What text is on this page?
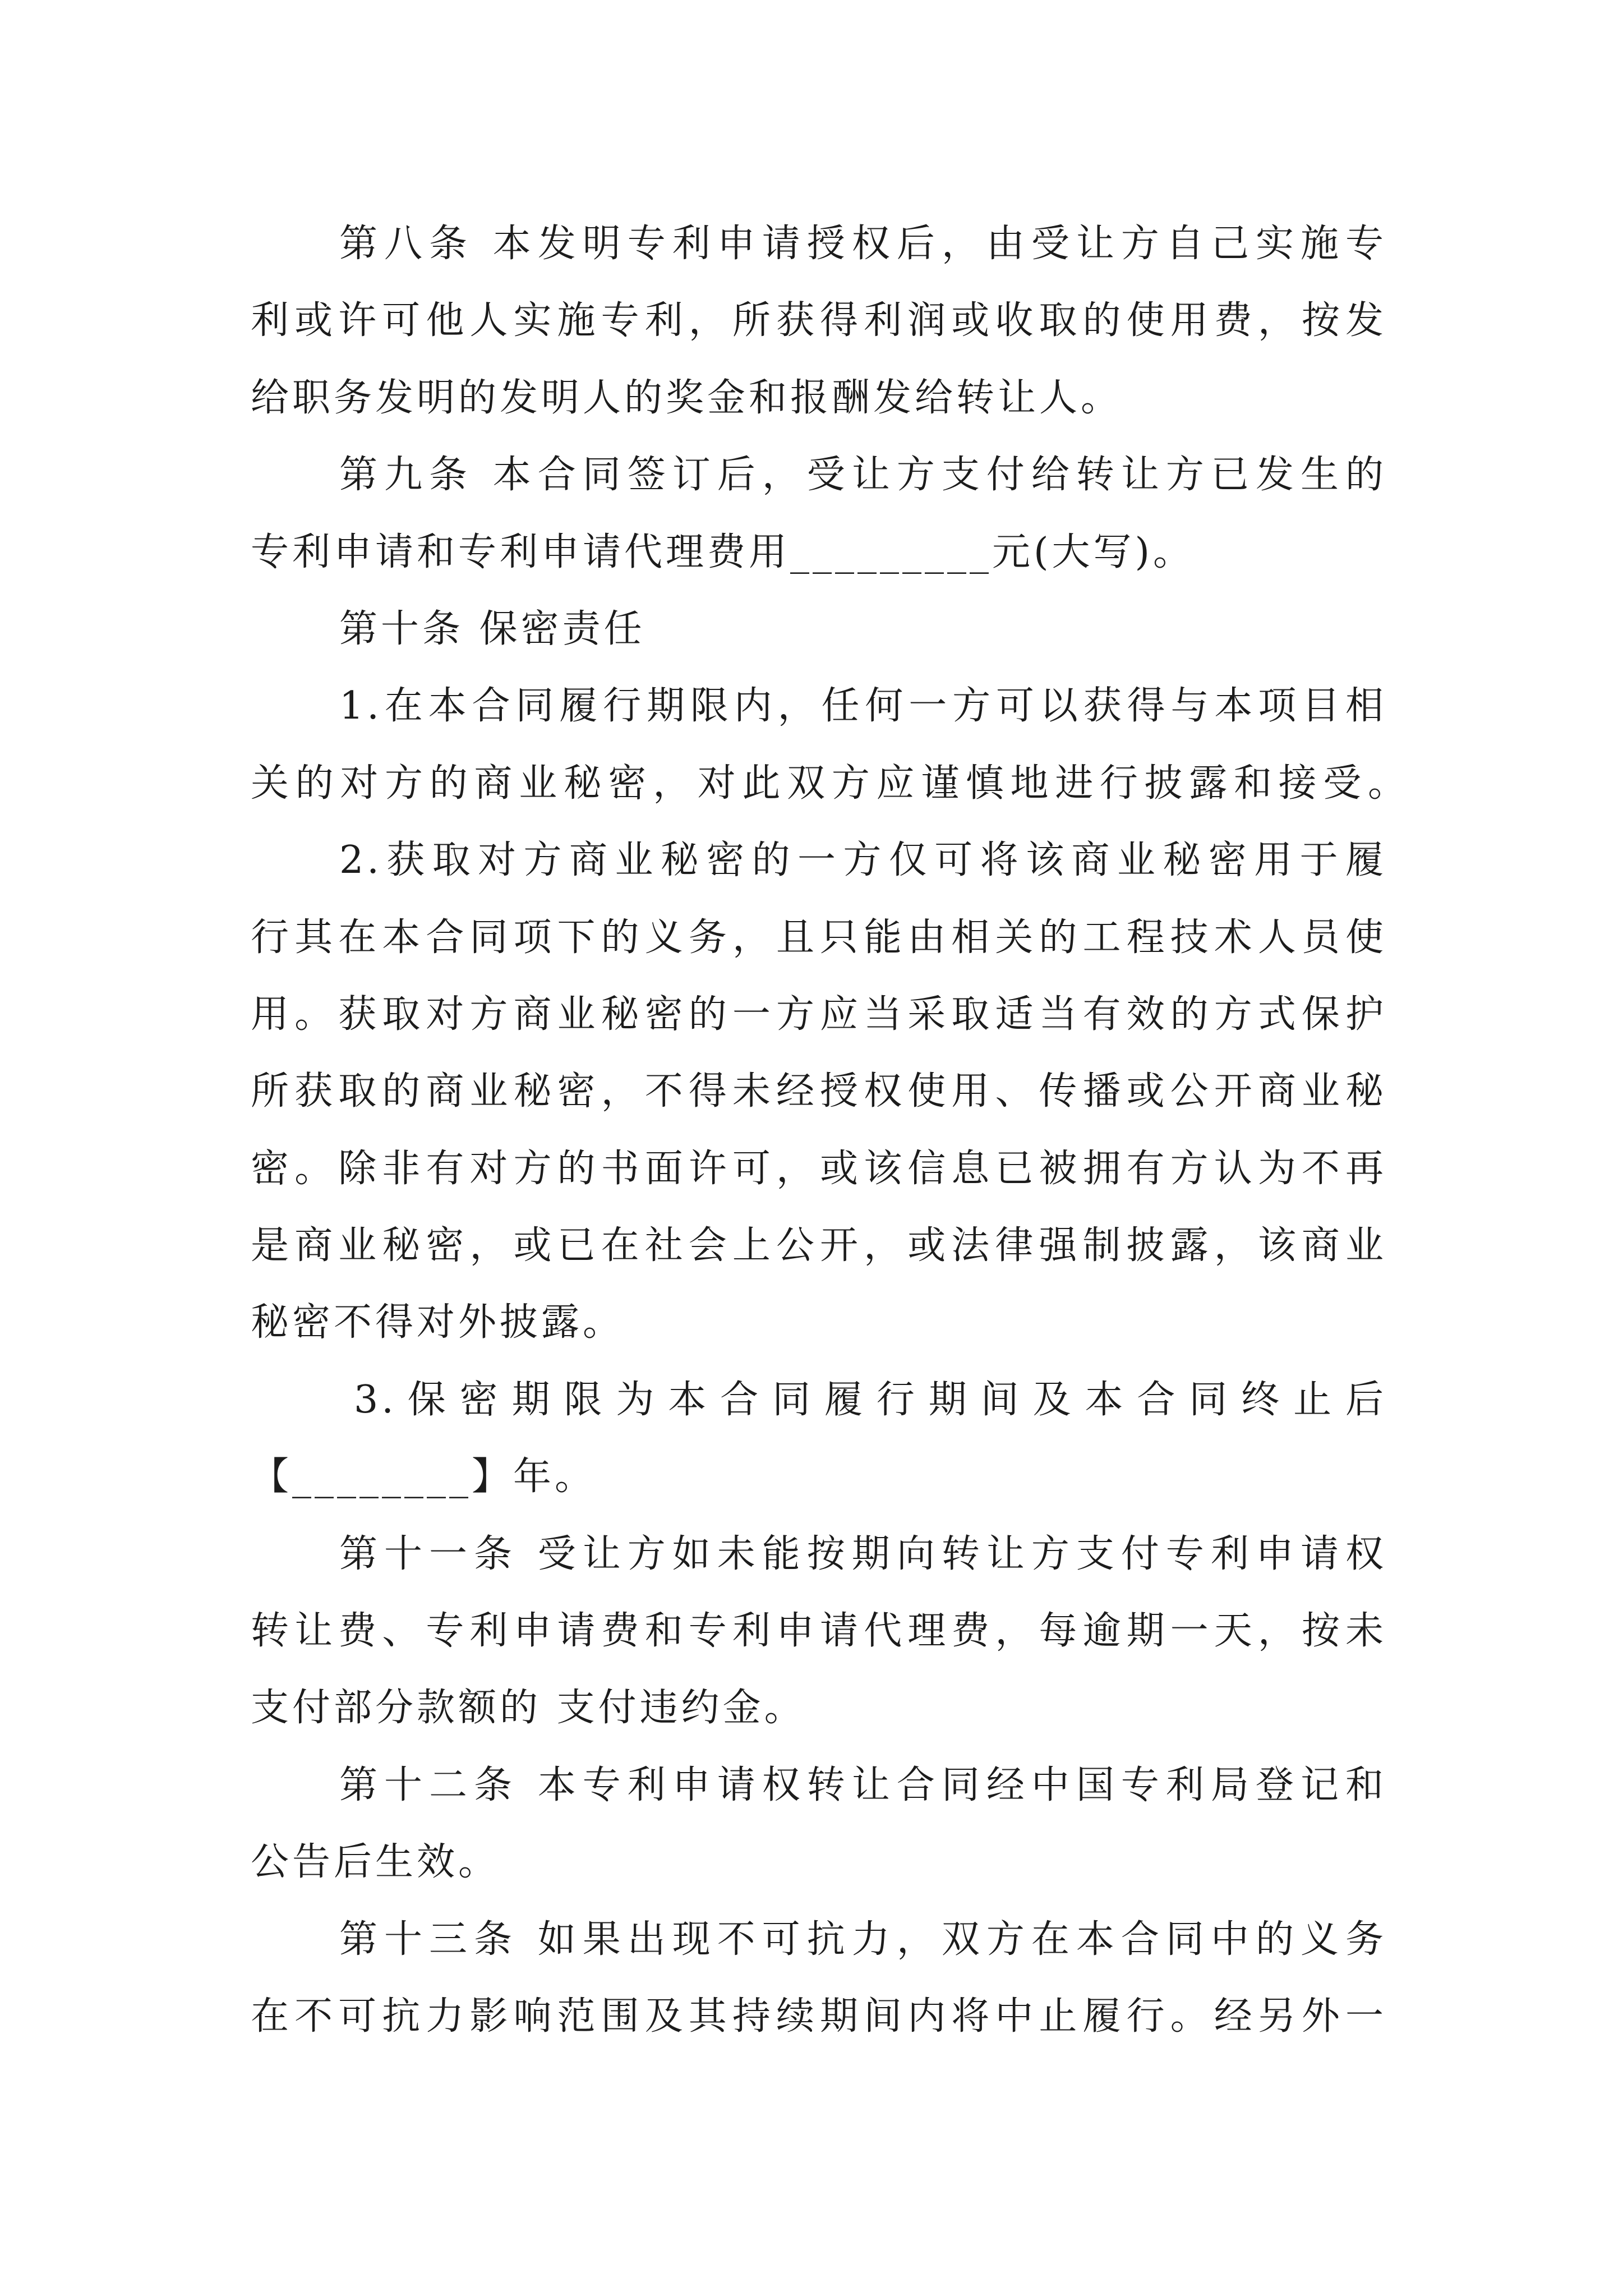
第八条 本发明专利申请授权后，由受让方自己实施专
利或许可他人实施专利，所获得利润或收取的使用费，按发
给职务发明的发明人的奖金和报酬发给转让人。
第九条 本合同签订后，受让方支付给转让方已发生的
专利申请和专利申请代理费用_________元(大写)。
第十条 保密责任
1.在本合同履行期限内，任何一方可以获得与本项目相
关的对方的商业秘密，对此双方应谨慎地进行披露和接受。
2.获取对方商业秘密的一方仅可将该商业秘密用于履
行其在本合同项下的义务，且只能由相关的工程技术人员使
用。获取对方商业秘密的一方应当采取适当有效的方式保护
所获取的商业秘密，不得未经授权使用、传播或公开商业秘
密。除非有对方的书面许可，或该信息已被拥有方认为不再
是商业秘密，或已在社会上公开，或法律强制披露，该商业
秘密不得对外披露。
3.保密期限为本合同履行期间及本合同终止后
【________】年。
第十一条 受让方如未能按期向转让方支付专利申请权
转让费、专利申请费和专利申请代理费，每逾期一天，按未
支付部分款额的 支付违约金。
第十二条 本专利申请权转让合同经中国专利局登记和
公告后生效。
第十三条 如果出现不可抗力，双方在本合同中的义务
在不可抗力影响范围及其持续期间内将中止履行。经另外一
